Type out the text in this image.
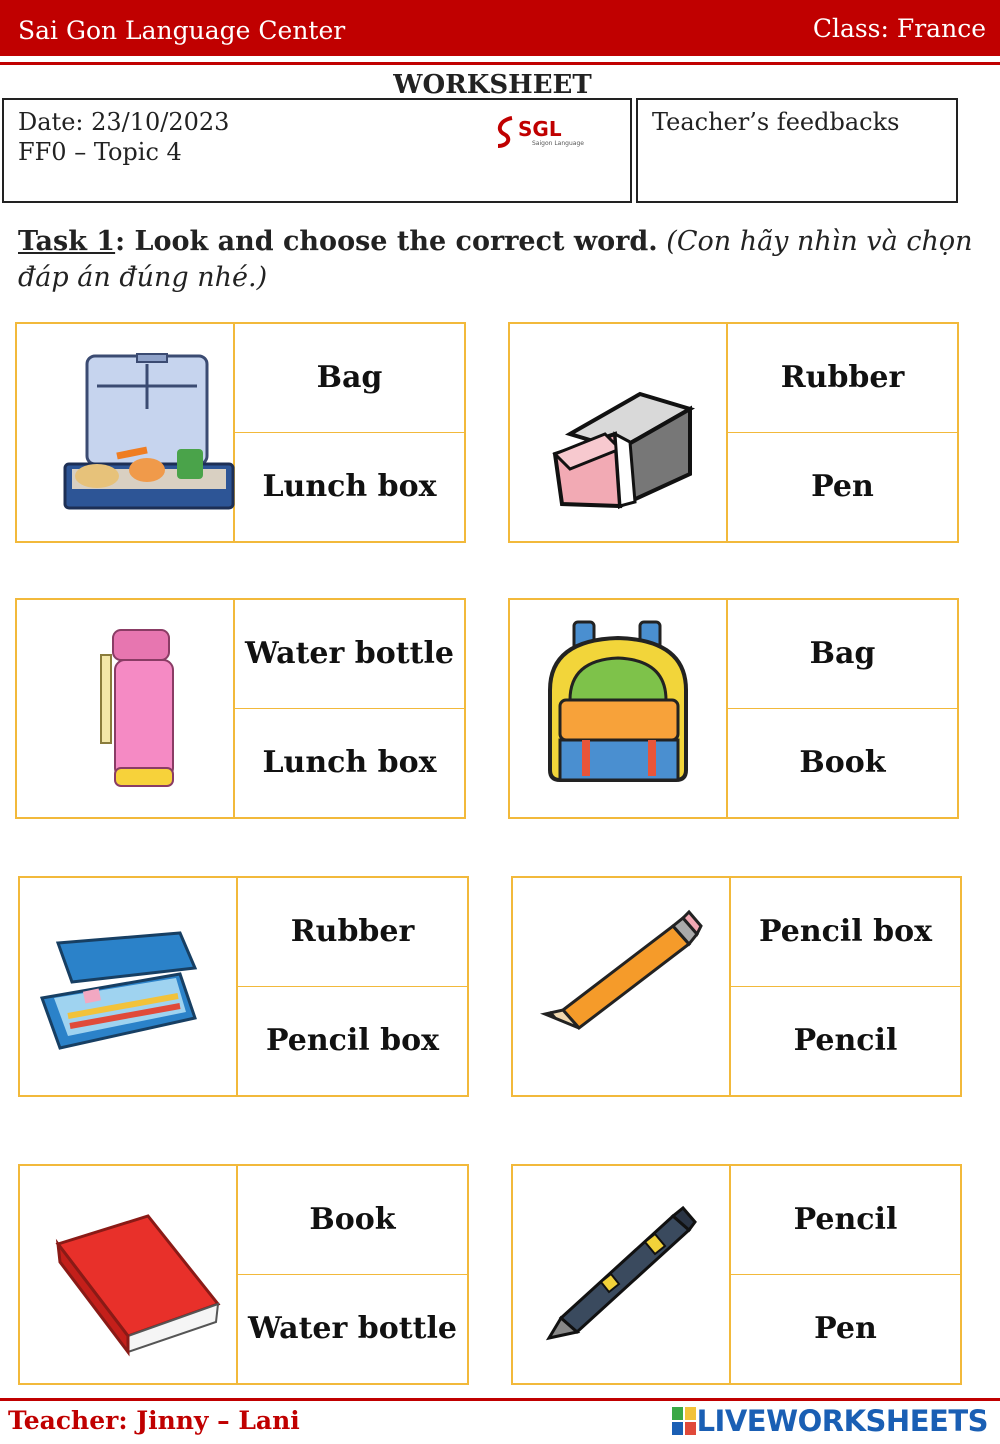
Sai Gon Language Center	Class: France
WORKSHEET
Date: 23/10/2023
FF0 – Topic 4
SGL
Saigon Language
Teacher’s feedbacks
Task 1: Look and choose the correct word. (Con hãy nhìn và chọn đáp án đúng nhé.)
Bag
Lunch box
Rubber
Pen
Water bottle
Lunch box
Bag
Book
Rubber
Pencil box
Pencil box
Pencil
Book
Water bottle
Pencil
Pen
Teacher: Jinny – Lani	LIVEWORKSHEETS
